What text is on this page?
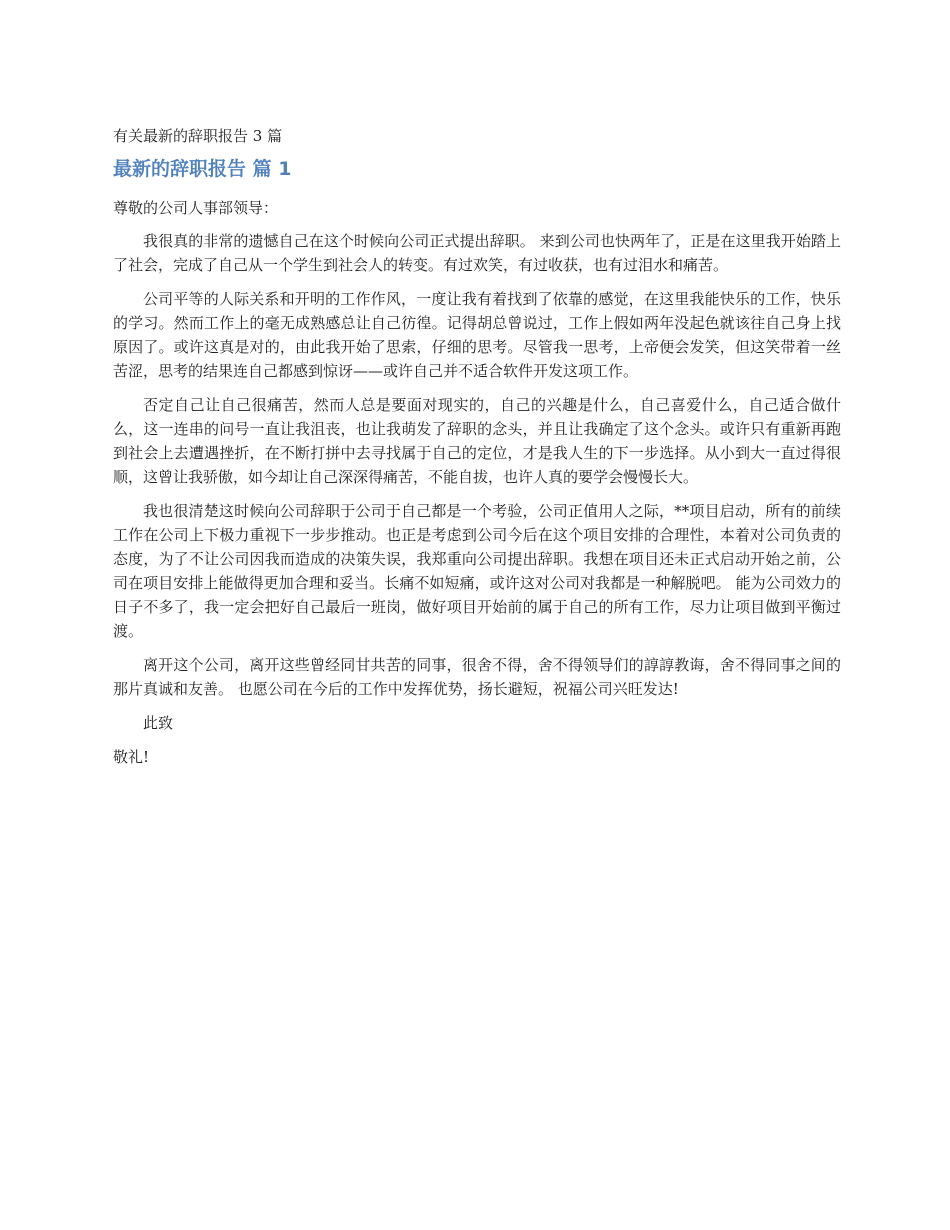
有关最新的辞职报告 3 篇

最新的辞职报告 篇 1

尊敬的公司人事部领导：

我很真的非常的遗憾自己在这个时候向公司正式提出辞职。 来到公司也快两年了，正是在这里我开始踏上了社会，完成了自己从一个学生到社会人的转变。有过欢笑，有过收获，也有过泪水和痛苦。

公司平等的人际关系和开明的工作作风，一度让我有着找到了依靠的感觉，在这里我能快乐的工作，快乐的学习。然而工作上的毫无成熟感总让自己彷徨。记得胡总曾说过，工作上假如两年没起色就该往自己身上找原因了。或许这真是对的，由此我开始了思索，仔细的思考。尽管我一思考，上帝便会发笑，但这笑带着一丝苦涩，思考的结果连自己都感到惊讶——或许自己并不适合软件开发这项工作。

否定自己让自己很痛苦，然而人总是要面对现实的，自己的兴趣是什么，自己喜爱什么，自己适合做什么，这一连串的问号一直让我沮丧，也让我萌发了辞职的念头，并且让我确定了这个念头。或许只有重新再跑到社会上去遭遇挫折，在不断打拼中去寻找属于自己的定位，才是我人生的下一步选择。从小到大一直过得很顺，这曾让我骄傲，如今却让自己深深得痛苦，不能自拔，也许人真的要学会慢慢长大。

我也很清楚这时候向公司辞职于公司于自己都是一个考验，公司正值用人之际，**项目启动，所有的前续工作在公司上下极力重视下一步步推动。也正是考虑到公司今后在这个项目安排的合理性，本着对公司负责的态度，为了不让公司因我而造成的决策失误，我郑重向公司提出辞职。我想在项目还未正式启动开始之前，公司在项目安排上能做得更加合理和妥当。长痛不如短痛，或许这对公司对我都是一种解脱吧。 能为公司效力的日子不多了，我一定会把好自己最后一班岗，做好项目开始前的属于自己的所有工作，尽力让项目做到平衡过渡。

离开这个公司，离开这些曾经同甘共苦的同事，很舍不得，舍不得领导们的諄諄教诲，舍不得同事之间的那片真诚和友善。 也愿公司在今后的工作中发挥优势，扬长避短，祝福公司兴旺发达!

此致

敬礼!
